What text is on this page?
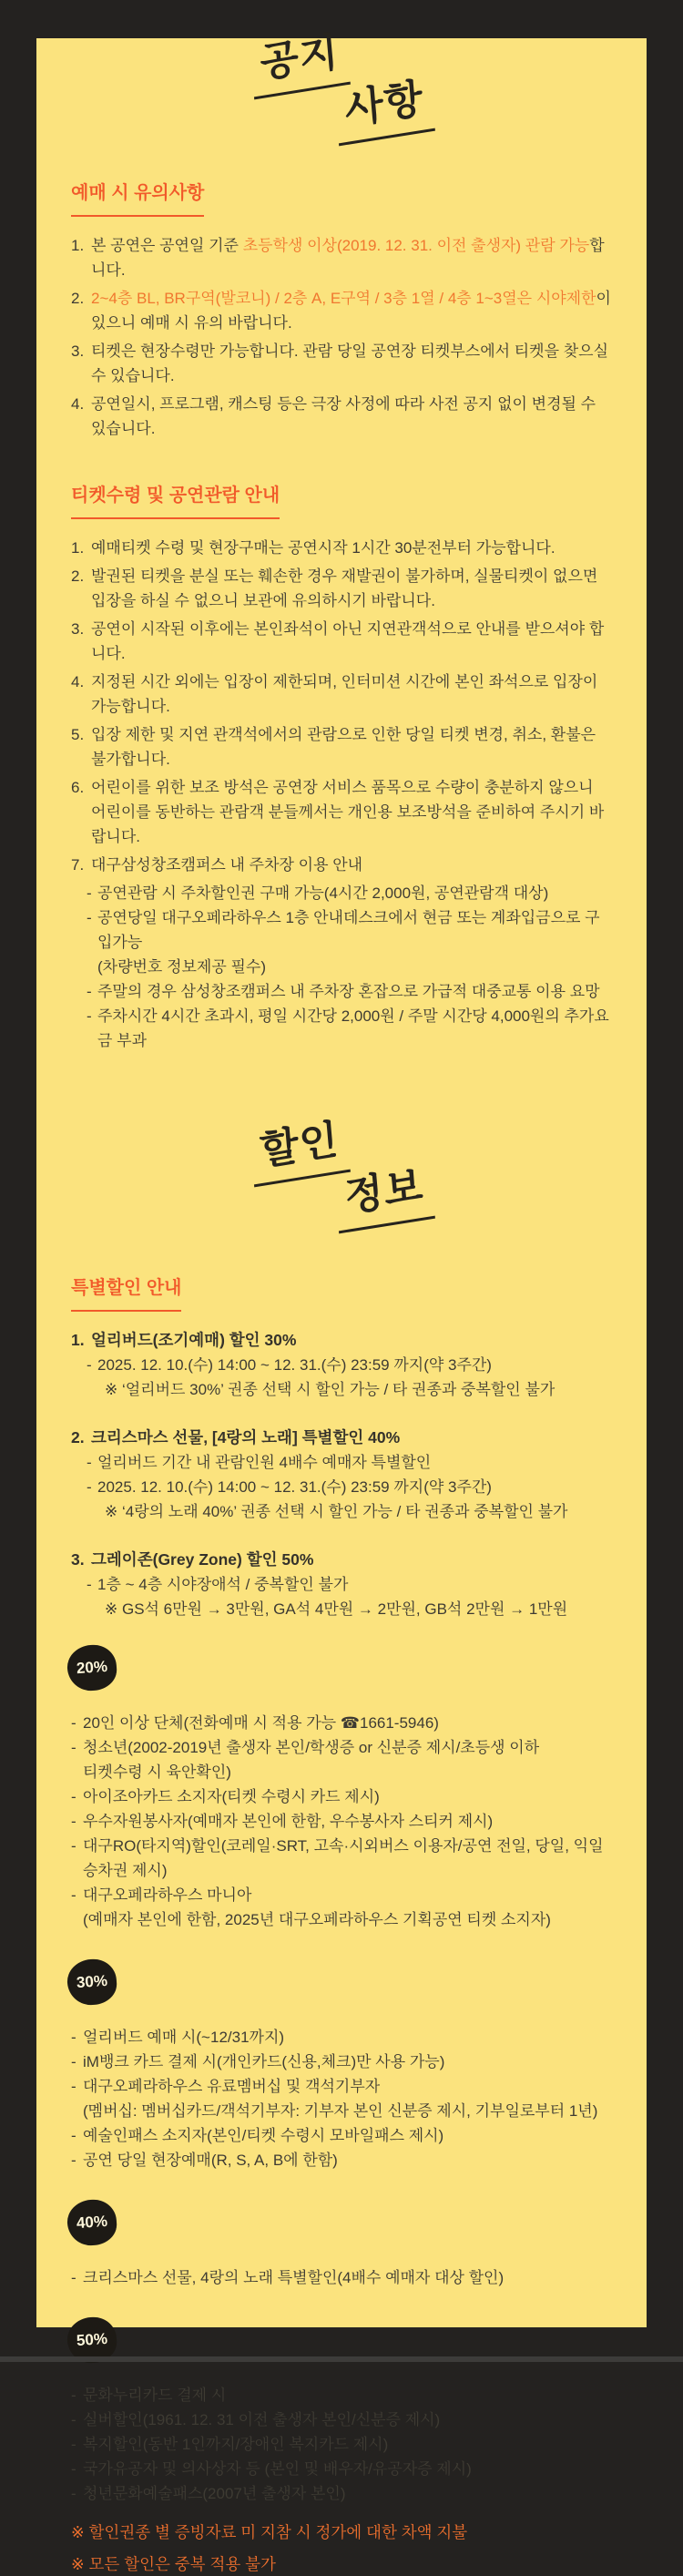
공지
사항
예매 시 유의사항
1. 본 공연은 공연일 기준 초등학생 이상(2019. 12. 31. 이전 출생자) 관람 가능합니다.
2. 2~4층 BL, BR구역(발코니) / 2층 A, E구역 / 3층 1열 / 4층 1~3열은 시야제한이 있으니 예매 시 유의 바랍니다.
3. 티켓은 현장수령만 가능합니다. 관람 당일 공연장 티켓부스에서 티켓을 찾으실 수 있습니다.
4. 공연일시, 프로그램, 캐스팅 등은 극장 사정에 따라 사전 공지 없이 변경될 수 있습니다.
티켓수령 및 공연관람 안내
1. 예매티켓 수령 및 현장구매는 공연시작 1시간 30분전부터 가능합니다.
2. 발권된 티켓을 분실 또는 훼손한 경우 재발권이 불가하며, 실물티켓이 없으면 입장을 하실 수 없으니 보관에 유의하시기 바랍니다.
3. 공연이 시작된 이후에는 본인좌석이 아닌 지연관객석으로 안내를 받으셔야 합니다.
4. 지정된 시간 외에는 입장이 제한되며, 인터미션 시간에 본인 좌석으로 입장이 가능합니다.
5. 입장 제한 및 지연 관객석에서의 관람으로 인한 당일 티켓 변경, 취소, 환불은 불가합니다.
6. 어린이를 위한 보조 방석은 공연장 서비스 품목으로 수량이 충분하지 않으니 어린이를 동반하는 관람객 분들께서는 개인용 보조방석을 준비하여 주시기 바랍니다.
7. 대구삼성창조캠퍼스 내 주차장 이용 안내
- 공연관람 시 주차할인권 구매 가능(4시간 2,000원, 공연관람객 대상)
- 공연당일 대구오페라하우스 1층 안내데스크에서 현금 또는 계좌입금으로 구입가능
(차량번호 정보제공 필수)
- 주말의 경우 삼성창조캠퍼스 내 주차장 혼잡으로 가급적 대중교통 이용 요망
- 주차시간 4시간 초과시, 평일 시간당 2,000원 / 주말 시간당 4,000원의 추가요금 부과
할인
정보
특별할인 안내
1. 얼리버드(조기예매) 할인 30%
- 2025. 12. 10.(수) 14:00 ~ 12. 31.(수) 23:59 까지(약 3주간)
※ ‘얼리버드 30%’ 권종 선택 시 할인 가능 / 타 권종과 중복할인 불가
2. 크리스마스 선물, [4랑의 노래] 특별할인 40%
- 얼리버드 기간 내 관람인원 4배수 예매자 특별할인
- 2025. 12. 10.(수) 14:00 ~ 12. 31.(수) 23:59 까지(약 3주간)
※ ‘4랑의 노래 40%’ 권종 선택 시 할인 가능 / 타 권종과 중복할인 불가
3. 그레이존(Grey Zone) 할인 50%
- 1층 ~ 4층 시야장애석 / 중복할인 불가
※ GS석 6만원 → 3만원, GA석 4만원 → 2만원, GB석 2만원 → 1만원
20%
- 20인 이상 단체(전화예매 시 적용 가능 ☎1661-5946)
- 청소년(2002-2019년 출생자 본인/학생증 or 신분증 제시/초등생 이하
티켓수령 시 육안확인)
- 아이조아카드 소지자(티켓 수령시 카드 제시)
- 우수자원봉사자(예매자 본인에 한함, 우수봉사자 스티커 제시)
- 대구RO(타지역)할인(코레일·SRT, 고속·시외버스 이용자/공연 전일, 당일, 익일 승차권 제시)
- 대구오페라하우스 마니아
(예매자 본인에 한함, 2025년 대구오페라하우스 기획공연 티켓 소지자)
30%
- 얼리버드 예매 시(~12/31까지)
- iM뱅크 카드 결제 시(개인카드(신용,체크)만 사용 가능)
- 대구오페라하우스 유료멤버십 및 객석기부자
(멤버십: 멤버십카드/객석기부자: 기부자 본인 신분증 제시, 기부일로부터 1년)
- 예술인패스 소지자(본인/티켓 수령시 모바일패스 제시)
- 공연 당일 현장예매(R, S, A, B에 한함)
40%
- 크리스마스 선물, 4랑의 노래 특별할인(4배수 예매자 대상 할인)
50%
- 문화누리카드 결제 시
- 실버할인(1961. 12. 31 이전 출생자 본인/신분증 제시)
- 복지할인(동반 1인까지/장애인 복지카드 제시)
- 국가유공자 및 의사상자 등 (본인 및 배우자/유공자증 제시)
- 청년문화예술패스(2007년 출생자 본인)
※ 할인권종 별 증빙자료 미 지참 시 정가에 대한 차액 지불
※ 모든 할인은 중복 적용 불가
